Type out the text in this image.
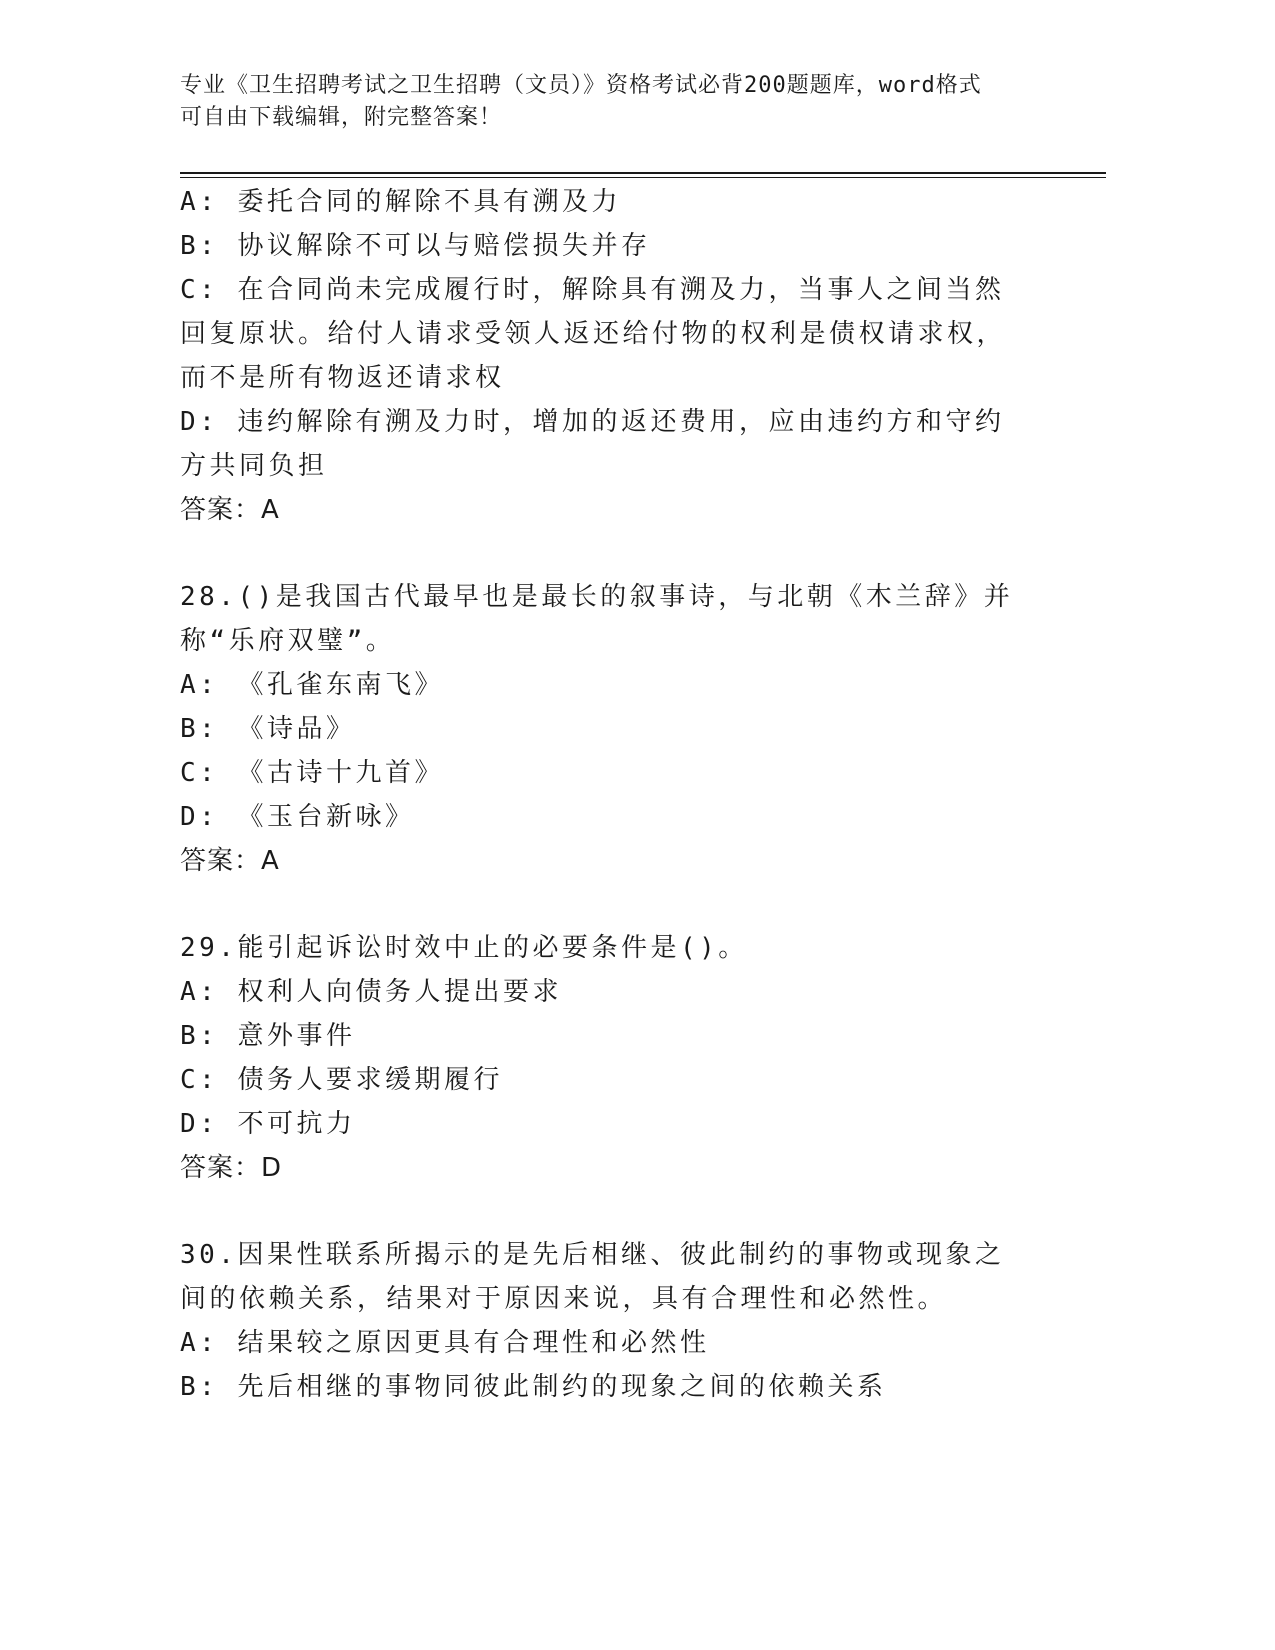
专业《卫生招聘考试之卫生招聘（文员）》资格考试必背200题题库，word格式
可自由下载编辑，附完整答案！
A: 委托合同的解除不具有溯及力
B: 协议解除不可以与赔偿损失并存
C: 在合同尚未完成履行时，解除具有溯及力，当事人之间当然回复原状。给付人请求受领人返还给付物的权利是债权请求权，而不是所有物返还请求权
D: 违约解除有溯及力时，增加的返还费用，应由违约方和守约方共同负担
答案：A
28.()是我国古代最早也是最长的叙事诗，与北朝《木兰辞》并称“乐府双璧”。
A: 《孔雀东南飞》
B: 《诗品》
C: 《古诗十九首》
D: 《玉台新咏》
答案：A
29.能引起诉讼时效中止的必要条件是()。
A: 权利人向债务人提出要求
B: 意外事件
C: 债务人要求缓期履行
D: 不可抗力
答案：D
30.因果性联系所揭示的是先后相继、彼此制约的事物或现象之间的依赖关系，结果对于原因来说，具有合理性和必然性。
A: 结果较之原因更具有合理性和必然性
B: 先后相继的事物同彼此制约的现象之间的依赖关系
